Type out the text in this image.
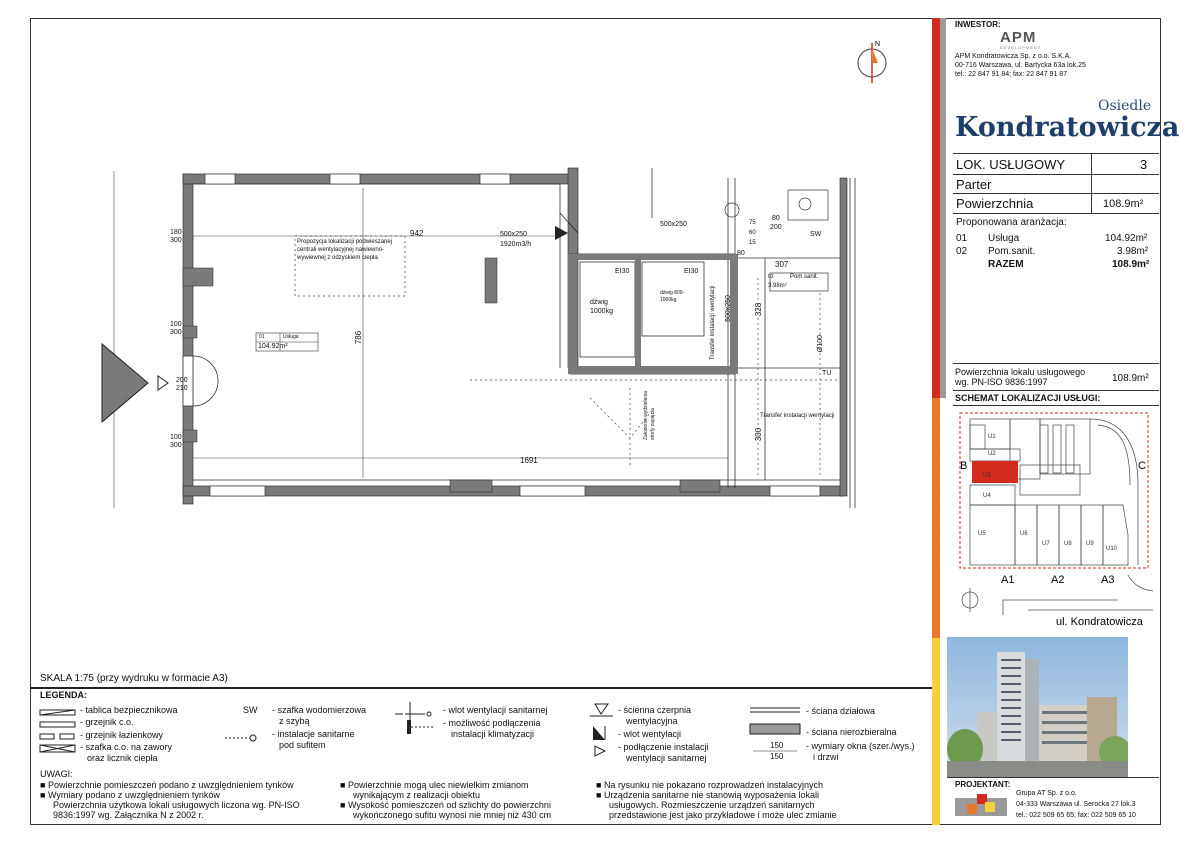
INWESTOR:
APM
DEVELOPMENT
APM Kondratowicza Sp. z o.o. S.K.A.
00-716 Warszawa, ul. Bartycka 63a lok.25
tel.: 22 847 91 84; fax: 22 847 91 87
Osiedle
Kondratowicza
LOK. USŁUGOWY	3
Parter
Powierzchnia	108.9m²
Proponowana aranżacja:
01 Usługa	104.92m²
02 Pom.sanit.	3.98m²
RAZEM	108.9m²
Powierzchnia lokalu usługowego
wg. PN-ISO 9836:1997	108.9m²
SCHEMAT LOKALIZACJI USŁUGI:
B	C
A1	A2	A3
U1
U2
U3
U4
U5	U6
U7 U8 U9
U10
ul. Kondratowicza
PROJEKTANT:
Grupa AT Sp. z o.o.
04-333 Warszawa ul. Serocka 27 lok.3
tel.: 022 509 65 65; fax: 022 509 65 10
N
942
786
1691
307
328
300
180
300
100
300
200
210
100
300
500x250
1920m3/h
500x250
500x250
Propozycja lokalizacji podwieszanej centrali wentylacyjnej nawiewno-wywiewnej z odzyskiem ciepła.
01	Usługa
104.92m²
02	Pom.sanit.
3.98m²
dźwig 1000kg
dźwig 800-1000kg
EI30	EI30
Ø100
TU
SW
Transfer instalacji wentylacji
Transfer instalacji wentylacji
Założenie wydzielenia strefy zapięcia
80
200
80
15
60
75
SKALA 1:75 (przy wydruku w formacie A3)
LEGENDA:
- tablica bezpiecznikowa
- grzejnik c.o.
- grzejnik łazienkowy
- szafka c.o. na zawory
oraz licznik ciepła
SW - szafka wodomierzowa
z szybą
- instalacje sanitarne
pod sufitem
- wlot wentylacji sanitarnej
- możliwość podłączenia
instalacji klimatyzacji
- ścienna czerpnia
wentylacyjna
- wlot wentylacji
- podłączenie instalacji
wentylacji sanitarnej
- ściana działowa
- ściana nierozbieralna
- wymiary okna (szer./wys.)
i drzwi
150
150
UWAGI:
■ Powierzchnie pomieszczeń podano z uwzględnieniem tynków
■ Wymiary podano z uwzględnieniem tynków
Powierzchnia użytkowa lokali usługowych liczona wg. PN-ISO
9836:1997 wg. Załącznika N z 2002 r.
■ Powierzchnie mogą ulec niewielkim zmianom
wynikającym z realizacji obiektu
■ Wysokość pomieszczeń od szlichty do powierzchni
wykończonego sufitu wynosi nie mniej niż 430 cm
■ Na rysunku nie pokazano rozprowadzeń instalacyjnych
■ Urządzenia sanitarne nie stanowią wyposażenia lokali
usługowych. Rozmieszczenie urządzeń sanitarnych
przedstawione jest jako przykładowe i może ulec zmianie
